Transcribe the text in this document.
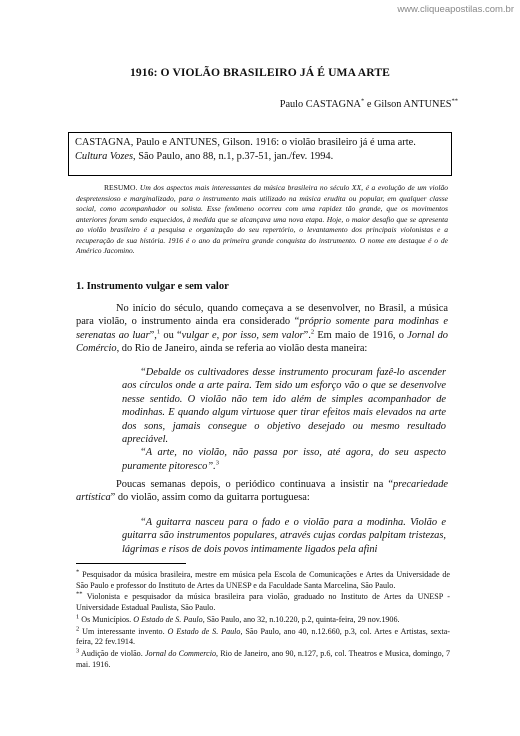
www.cliqueapostilas.com.br
1916: O VIOLÃO BRASILEIRO JÁ É UMA ARTE
Paulo CASTAGNA* e Gilson ANTUNES**
CASTAGNA, Paulo e ANTUNES, Gilson. 1916: o violão brasileiro já é uma arte. Cultura Vozes, São Paulo, ano 88, n.1, p.37-51, jan./fev. 1994.
RESUMO. Um dos aspectos mais interessantes da música brasileira no século XX, é a evolução de um violão despretensioso e marginalizado, para o instrumento mais utilizado na música erudita ou popular, em qualquer classe social, como acompanhador ou solista. Esse fenômeno ocorreu com uma rapidez tão grande, que os movimentos anteriores foram sendo esquecidos, à medida que se alcançava uma nova etapa. Hoje, o maior desafio que se apresenta ao violão brasileiro é a pesquisa e organização do seu repertório, o levantamento dos principais violonistas e a recuperação de sua história. 1916 é o ano da primeira grande conquista do instrumento. O nome em destaque é o de Américo Jacomino.
1. Instrumento vulgar e sem valor
No início do século, quando começava a se desenvolver, no Brasil, a música para violão, o instrumento ainda era considerado “próprio somente para modinhas e serenatas ao luar”,$^1$ ou “vulgar e, por isso, sem valor”.$^2$ Em maio de 1916, o Jornal do Comércio, do Rio de Janeiro, ainda se referia ao violão desta maneira:

“Debalde os cultivadores desse instrumento procuram fazê-lo ascender aos círculos onde a arte paira. Tem sido um esforço vão o que se desenvolve nesse sentido. O violão não tem ido além de simples acompanhador de modinhas. E quando algum virtuose quer tirar efeitos mais elevados na arte dos sons, jamais consegue o objetivo desejado ou mesmo resultado apreciável.

“A arte, no violão, não passa por isso, até agora, do seu aspecto puramente pitoresco”.$^3$

Poucas semanas depois, o periódico continuava a insistir na “precariedade artística” do violão, assim como da guitarra portuguesa:

“A guitarra nasceu para o fado e o violão para a modinha. Violão e guitarra são instrumentos populares, através cujas cordas palpitam tristezas, lágrimas e risos de dois povos intimamente ligados pela afini

* Pesquisador da música brasileira, mestre em música pela Escola de Comunicações e Artes da Universidade de São Paulo e professor do Instituto de Artes da UNESP e da Faculdade Santa Marcelina, São Paulo.

** Violonista e pesquisador da música brasileira para violão, graduado no Instituto de Artes da UNESP - Universidade Estadual Paulista, São Paulo.

$^1$ Os Municípios. O Estado de S. Paulo, São Paulo, ano 32, n.10.220, p.2, quinta-feira, 29 nov.1906.

$^2$ Um interessante invento. O Estado de S. Paulo, São Paulo, ano 40, n.12.660, p.3, col. Artes e Artistas, sexta-feira, 22 fev.1914.

$^3$ Audição de violão. Jornal do Commercio, Rio de Janeiro, ano 90, n.127, p.6, col. Theatros e Musica, domingo, 7 mai. 1916.
